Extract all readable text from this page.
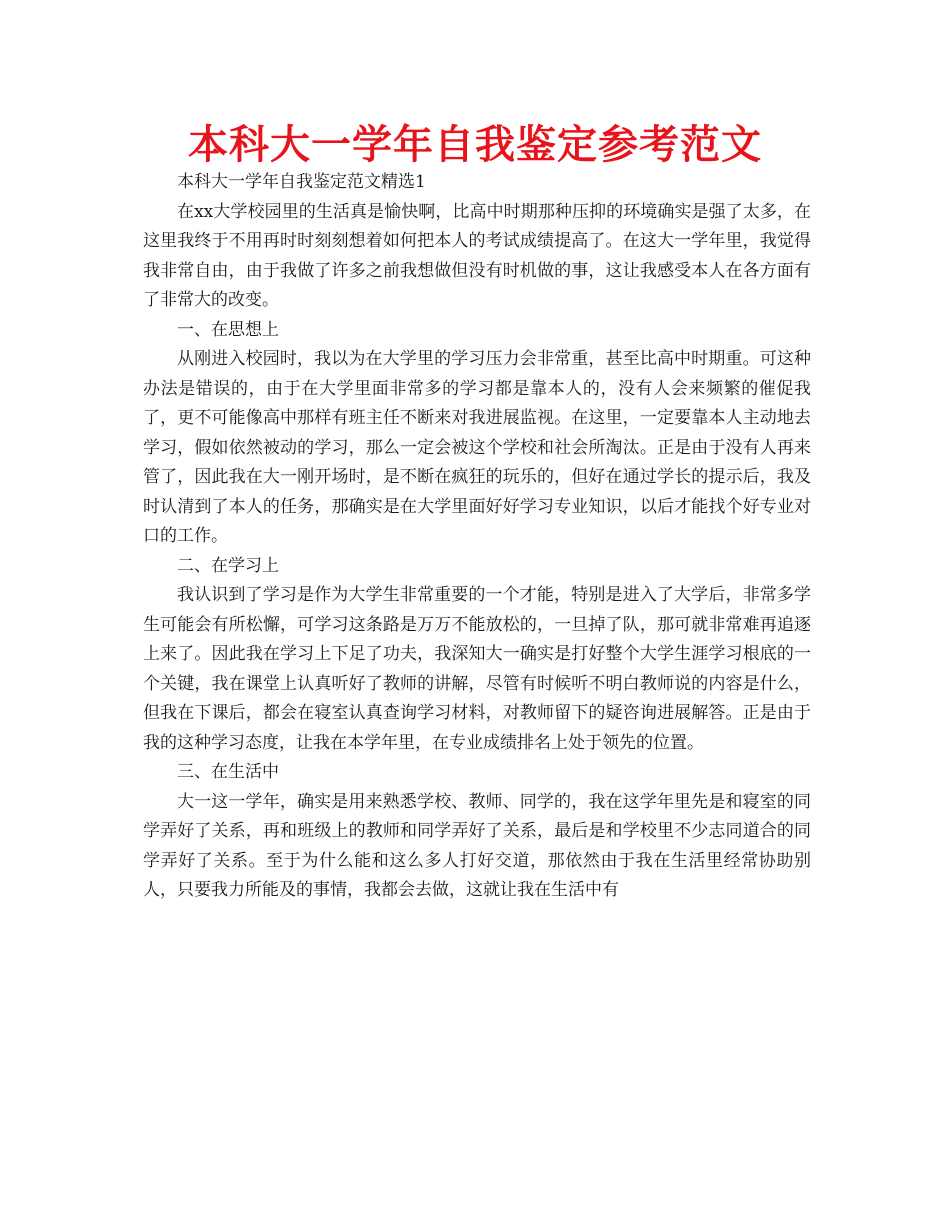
本科大一学年自我鉴定参考范文

本科大一学年自我鉴定范文精选1

在xx大学校园里的生活真是愉快啊，比高中时期那种压抑的环境确实是强了太多，在这里我终于不用再时时刻刻想着如何把本人的考试成绩提高了。在这大一学年里，我觉得我非常自由，由于我做了许多之前我想做但没有时机做的事，这让我感受本人在各方面有了非常大的改变。

一、在思想上

从刚进入校园时，我以为在大学里的学习压力会非常重，甚至比高中时期重。可这种办法是错误的，由于在大学里面非常多的学习都是靠本人的，没有人会来频繁的催促我了，更不可能像高中那样有班主任不断来对我进展监视。在这里，一定要靠本人主动地去学习，假如依然被动的学习，那么一定会被这个学校和社会所淘汰。正是由于没有人再来管了，因此我在大一刚开场时，是不断在疯狂的玩乐的，但好在通过学长的提示后，我及时认清到了本人的任务，那确实是在大学里面好好学习专业知识，以后才能找个好专业对口的工作。

二、在学习上

我认识到了学习是作为大学生非常重要的一个才能，特别是进入了大学后，非常多学生可能会有所松懈，可学习这条路是万万不能放松的，一旦掉了队，那可就非常难再追逐上来了。因此我在学习上下足了功夫，我深知大一确实是打好整个大学生涯学习根底的一个关键，我在课堂上认真听好了教师的讲解，尽管有时候听不明白教师说的内容是什么，但我在下课后，都会在寝室认真查询学习材料，对教师留下的疑咨询进展解答。正是由于我的这种学习态度，让我在本学年里，在专业成绩排名上处于领先的位置。

三、在生活中

大一这一学年，确实是用来熟悉学校、教师、同学的，我在这学年里先是和寝室的同学弄好了关系，再和班级上的教师和同学弄好了关系，最后是和学校里不少志同道合的同学弄好了关系。至于为什么能和这么多人打好交道，那依然由于我在生活里经常协助别人，只要我力所能及的事情，我都会去做，这就让我在生活中有
